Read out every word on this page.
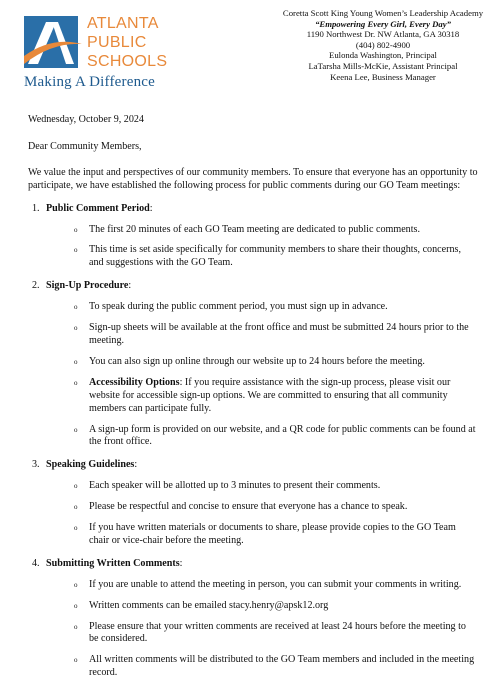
ATLANTA
PUBLIC
SCHOOLS
Making A Difference
Coretta Scott King Young Women’s Leadership Academy
“Empowering Every Girl, Every Day”
1190 Northwest Dr. NW Atlanta, GA 30318
(404) 802-4900
Eulonda Washington, Principal
LaTarsha Mills-McKie, Assistant Principal
Keena Lee, Business Manager
Wednesday, October 9, 2024
Dear Community Members,
We value the input and perspectives of our community members. To ensure that everyone has an opportunity to participate, we have established the following process for public comments during our GO Team meetings:
1. Public Comment Period:
o The first 20 minutes of each GO Team meeting are dedicated to public comments.
o This time is set aside specifically for community members to share their thoughts, concerns, and suggestions with the GO Team.
2. Sign-Up Procedure:
o To speak during the public comment period, you must sign up in advance.
o Sign-up sheets will be available at the front office and must be submitted 24 hours prior to the meeting.
o You can also sign up online through our website up to 24 hours before the meeting.
o Accessibility Options: If you require assistance with the sign-up process, please visit our website for accessible sign-up options. We are committed to ensuring that all community members can participate fully.
o A sign-up form is provided on our website, and a QR code for public comments can be found at the front office.
3. Speaking Guidelines:
o Each speaker will be allotted up to 3 minutes to present their comments.
o Please be respectful and concise to ensure that everyone has a chance to speak.
o If you have written materials or documents to share, please provide copies to the GO Team chair or vice-chair before the meeting.
4. Submitting Written Comments:
o If you are unable to attend the meeting in person, you can submit your comments in writing.
o Written comments can be emailed stacy.henry@apsk12.org
o Please ensure that your written comments are received at least 24 hours before the meeting to be considered.
o All written comments will be distributed to the GO Team members and included in the meeting record.
